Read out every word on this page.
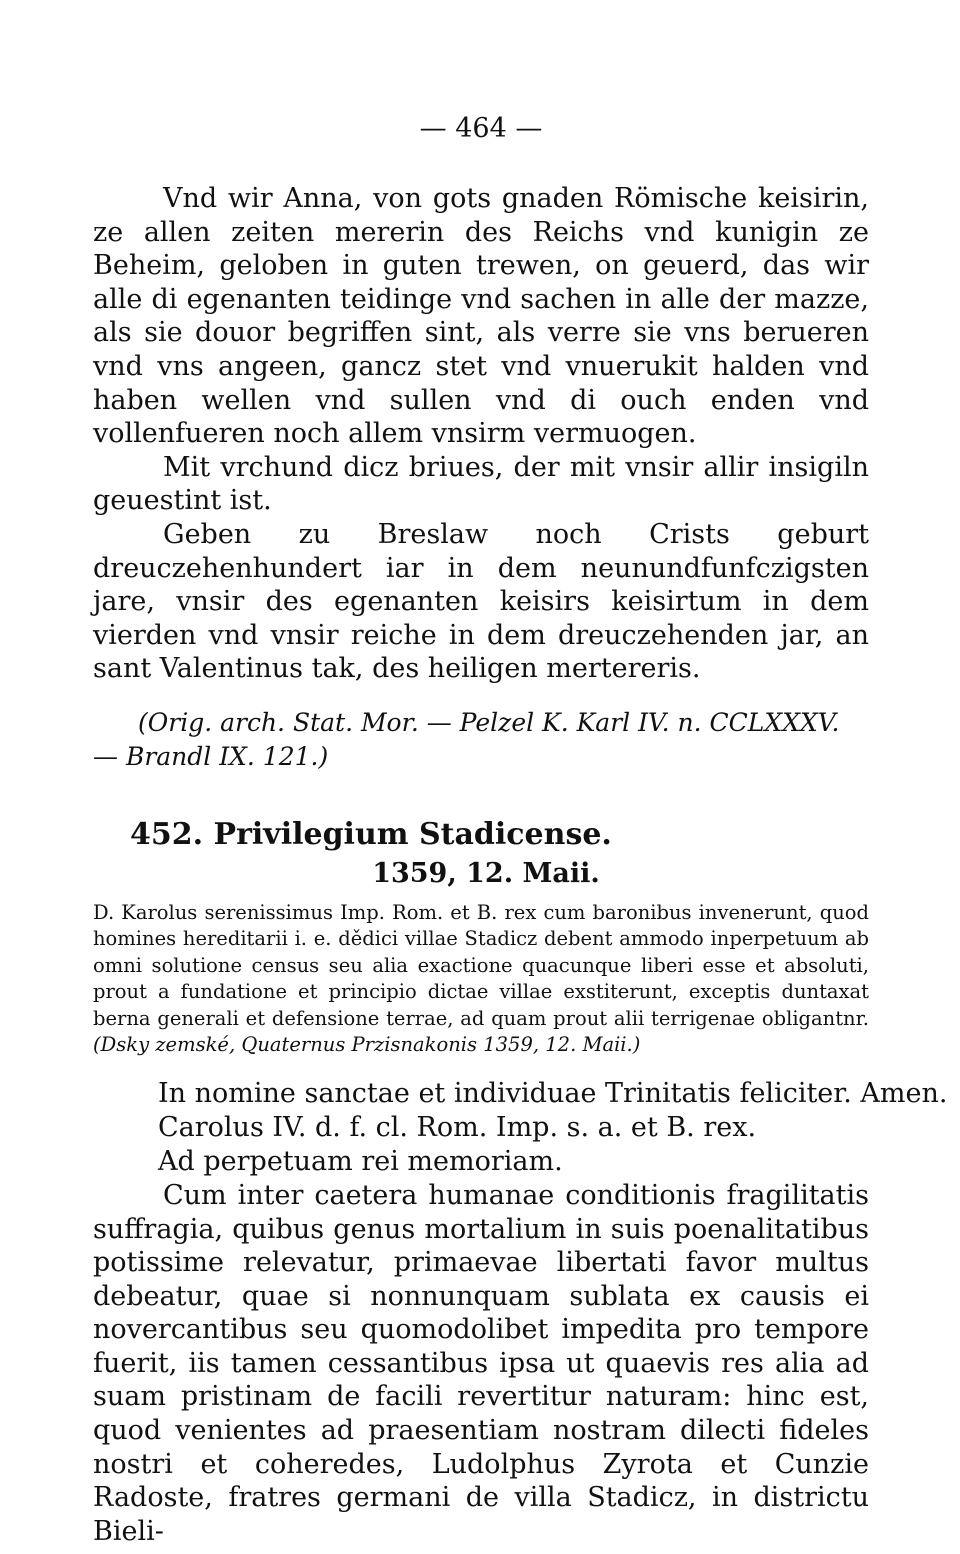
— 464 —

Vnd wir Anna, von gots gnaden Römische keisirin, ze allen zeiten mererin des Reichs vnd kunigin ze Beheim, geloben in guten trewen, on geuerd, das wir alle di egenanten teidinge vnd sachen in alle der mazze, als sie douor begriffen sint, als verre sie vns berueren vnd vns angeen, gancz stet vnd vnuerukit halden vnd haben wellen vnd sullen vnd di ouch enden vnd vollenfueren noch allem vnsirm vermuogen.

Mit vrchund dicz briues, der mit vnsir allir insigiln geuestint ist.

Geben zu Breslaw noch Crists geburt dreuczehenhundert iar in dem neunundfunfczigsten jare, vnsir des egenanten keisirs keisirtum in dem vierden vnd vnsir reiche in dem dreuczehenden jar, an sant Valentinus tak, des heiligen mertereris.

(Orig. arch. Stat. Mor. — Pelzel K. Karl IV. n. CCLXXXV. — Brandl IX. 121.)

452. Privilegium Stadicense.
1359, 12. Maii.

D. Karolus serenissimus Imp. Rom. et B. rex cum baronibus invenerunt, quod homines hereditarii i. e. dědici villae Stadicz debent ammodo inperpetuum ab omni solutione census seu alia exactione quacunque liberi esse et absoluti, prout a fundatione et principio dictae villae exstiterunt, exceptis duntaxat berna generali et defensione terrae, ad quam prout alii terrigenae obligantnr. (Dsky zemské, Quaternus Przisnakonis 1359, 12. Maii.)

In nomine sanctae et individuae Trinitatis feliciter. Amen.
Carolus IV. d. f. cl. Rom. Imp. s. a. et B. rex.
Ad perpetuam rei memoriam.

Cum inter caetera humanae conditionis fragilitatis suffragia, quibus genus mortalium in suis poenalitatibus potissime relevatur, primaevae libertati favor multus debeatur, quae si nonnunquam sublata ex causis ei novercantibus seu quomodolibet impedita pro tempore fuerit, iis tamen cessantibus ipsa ut quaevis res alia ad suam pristinam de facili revertitur naturam: hinc est, quod venientes ad praesentiam nostram dilecti fideles nostri et coheredes, Ludolphus Zyrota et Cunzie Radoste, fratres germani de villa Stadicz, in districtu Bieli-
